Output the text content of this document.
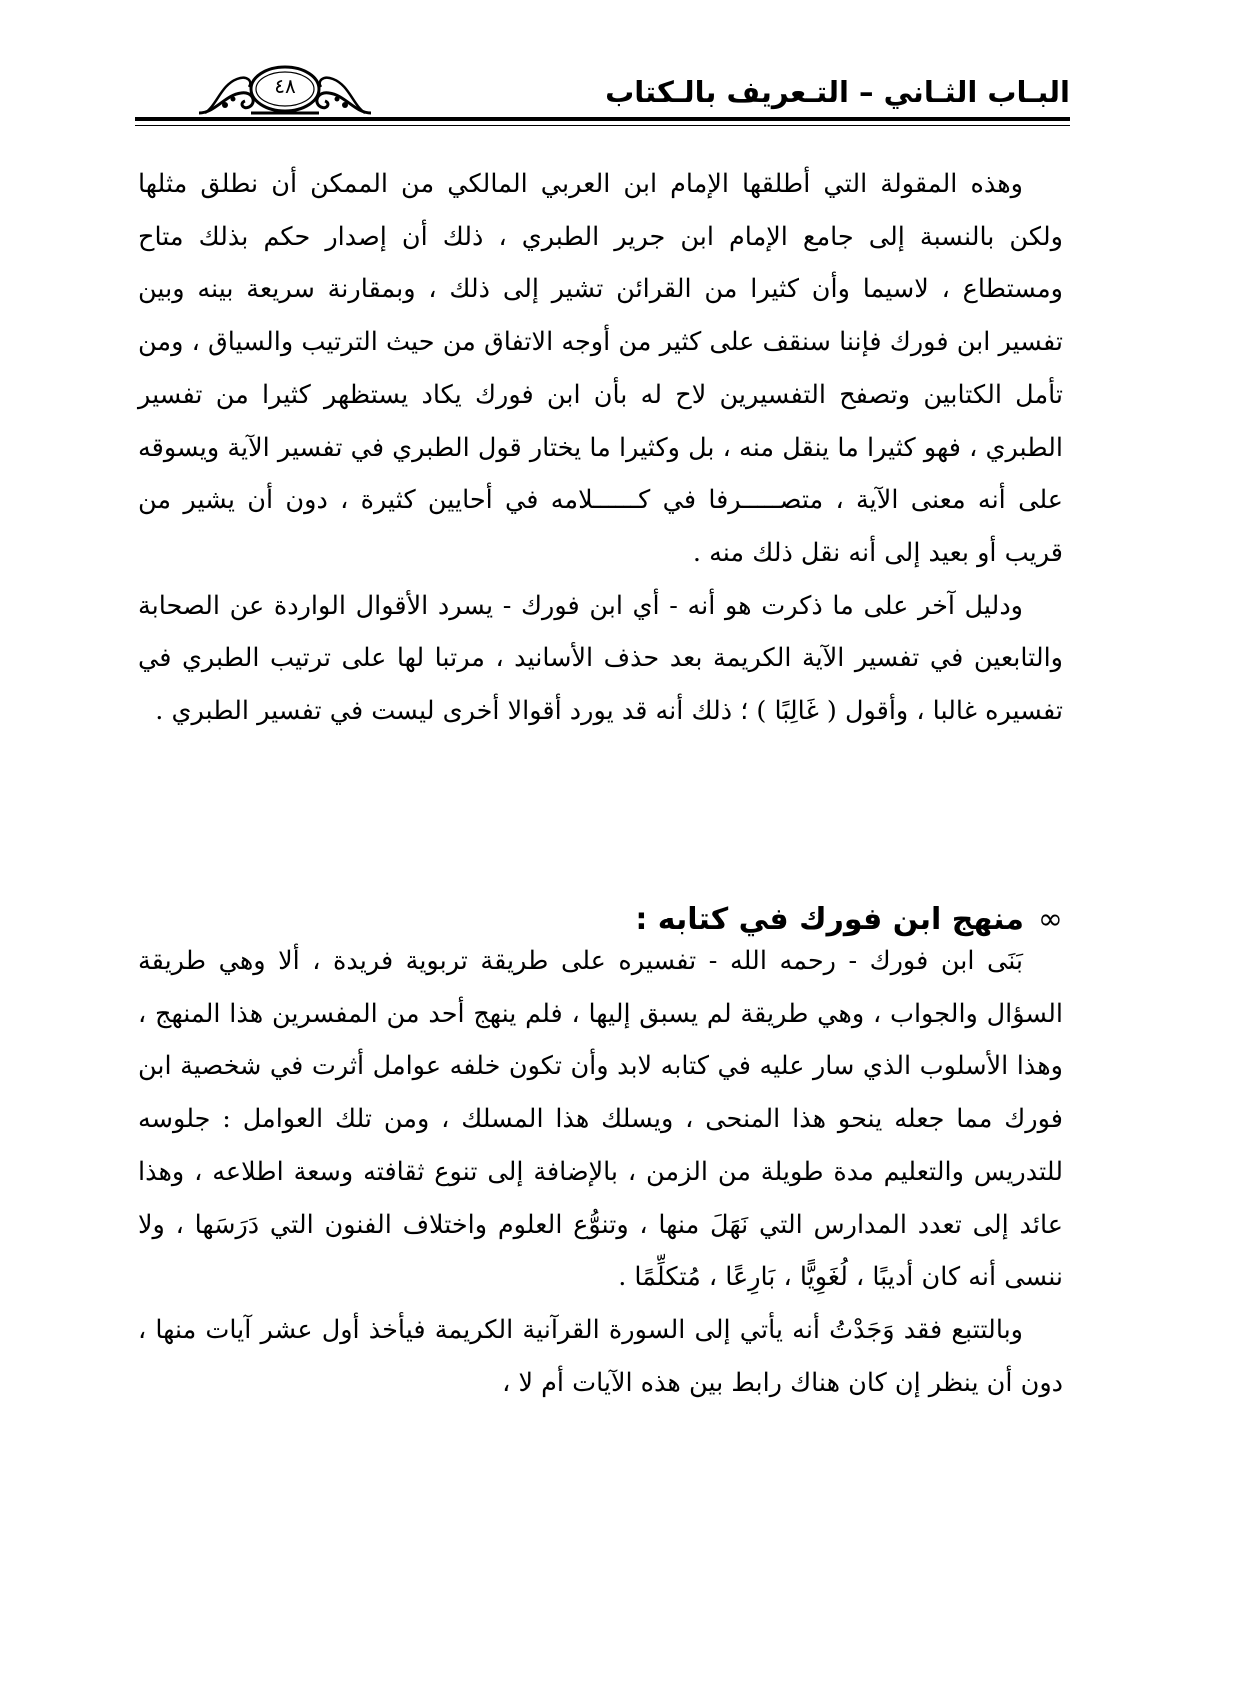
البـاب الثـاني – التـعريف بالـكتاب
٤٨

وهذه المقولة التي أطلقها الإمام ابن العربي المالكي من الممكن أن نطلق مثلها ولكن بالنسبة إلى جامع الإمام ابن جرير الطبري ، ذلك أن إصدار حكم بذلك متاح ومستطاع ، لاسيما وأن كثيرا من القرائن تشير إلى ذلك ، وبمقارنة سريعة بينه وبين تفسير ابن فورك فإننا سنقف على كثير من أوجه الاتفاق من حيث الترتيب والسياق ، ومن تأمل الكتابين وتصفح التفسيرين لاح له بأن ابن فورك يكاد يستظهر كثيرا من تفسير الطبري ، فهو كثيرا ما ينقل منه ، بل وكثيرا ما يختار قول الطبري في تفسير الآية ويسوقه على أنه معنى الآية ، متصـــــرفا في كــــــلامه في أحايين كثيرة ، دون أن يشير من قريب أو بعيد إلى أنه نقل ذلك منه .

ودليل آخر على ما ذكرت هو أنه - أي ابن فورك - يسرد الأقوال الواردة عن الصحابة والتابعين في تفسير الآية الكريمة بعد حذف الأسانيد ، مرتبا لها على ترتيب الطبري في تفسيره غالبا ، وأقول ( غَالِبًا ) ؛ ذلك أنه قد يورد أقوالا أخرى ليست في تفسير الطبري .

∞منهج ابن فورك في كتابه :

بَنَى ابن فورك - رحمه الله - تفسيره على طريقة تربوية فريدة ، ألا وهي طريقة السؤال والجواب ، وهي طريقة لم يسبق إليها ، فلم ينهج أحد من المفسرين هذا المنهج ، وهذا الأسلوب الذي سار عليه في كتابه لابد وأن تكون خلفه عوامل أثرت في شخصية ابن فورك مما جعله ينحو هذا المنحى ، ويسلك هذا المسلك ، ومن تلك العوامل : جلوسه للتدريس والتعليم مدة طويلة من الزمن ، بالإضافة إلى تنوع ثقافته وسعة اطلاعه ، وهذا عائد إلى تعدد المدارس التي نَهَلَ منها ، وتنوُّع العلوم واختلاف الفنون التي دَرَسَها ، ولا ننسى أنه كان أديبًا ، لُغَوِيًّا ، بَارِعًا ، مُتكلِّمًا .

وبالتتبع فقد وَجَدْتُ أنه يأتي إلى السورة القرآنية الكريمة فيأخذ أول عشر آيات منها ، دون أن ينظر إن كان هناك رابط بين هذه الآيات أم لا ،
